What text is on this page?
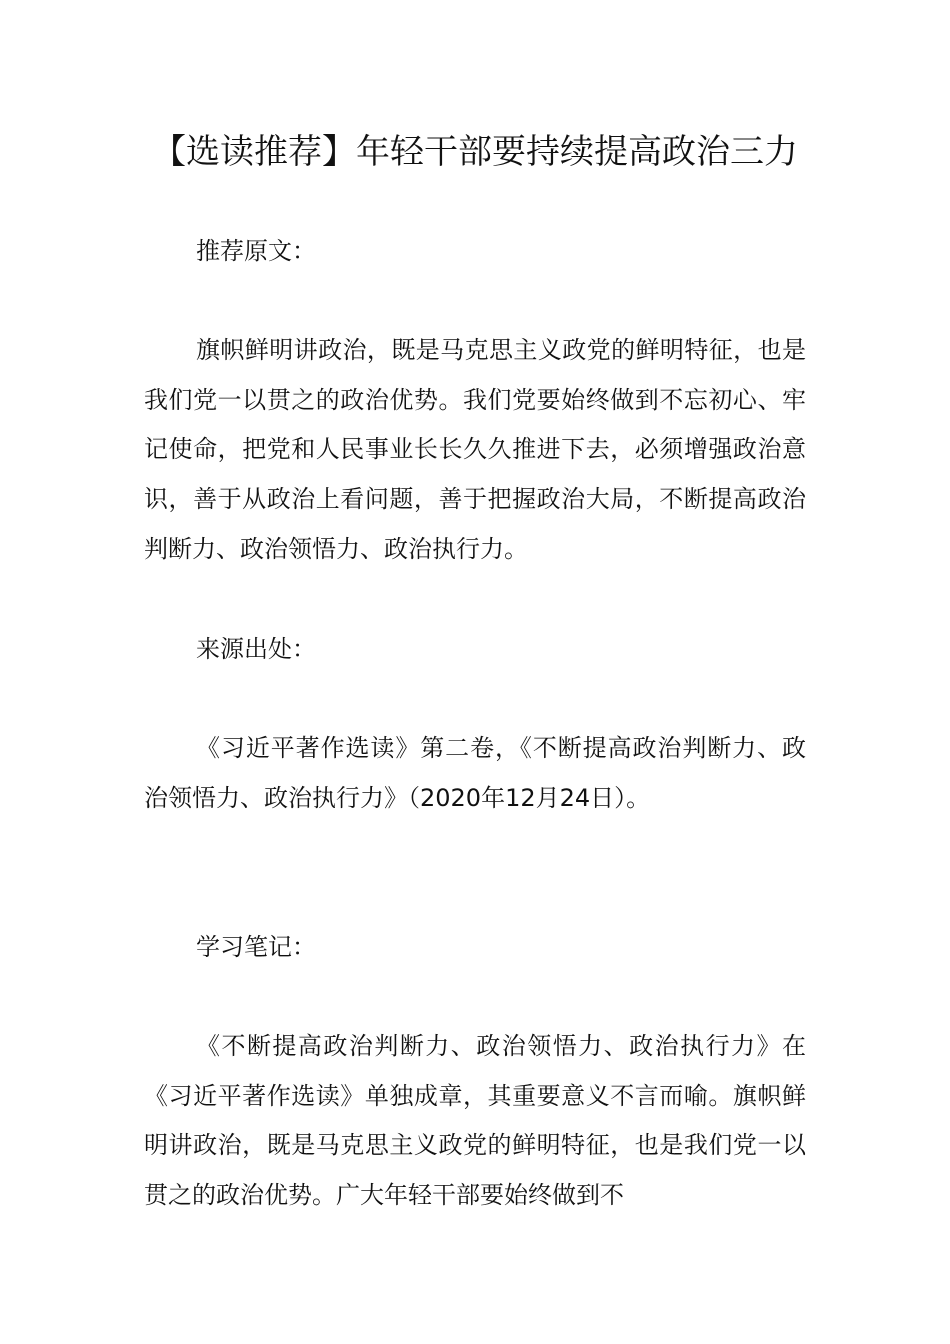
【选读推荐】年轻干部要持续提高政治三力

推荐原文：

旗帜鲜明讲政治，既是马克思主义政党的鲜明特征，也是我们党一以贯之的政治优势。我们党要始终做到不忘初心、牢记使命，把党和人民事业长长久久推进下去，必须增强政治意识，善于从政治上看问题，善于把握政治大局，不断提高政治判断力、政治领悟力、政治执行力。

来源出处：

《习近平著作选读》第二卷，《不断提高政治判断力、政治领悟力、政治执行力》（2020年12月24日）。

学习笔记：

《不断提高政治判断力、政治领悟力、政治执行力》在《习近平著作选读》单独成章，其重要意义不言而喻。旗帜鲜明讲政治，既是马克思主义政党的鲜明特征，也是我们党一以贯之的政治优势。广大年轻干部要始终做到不
